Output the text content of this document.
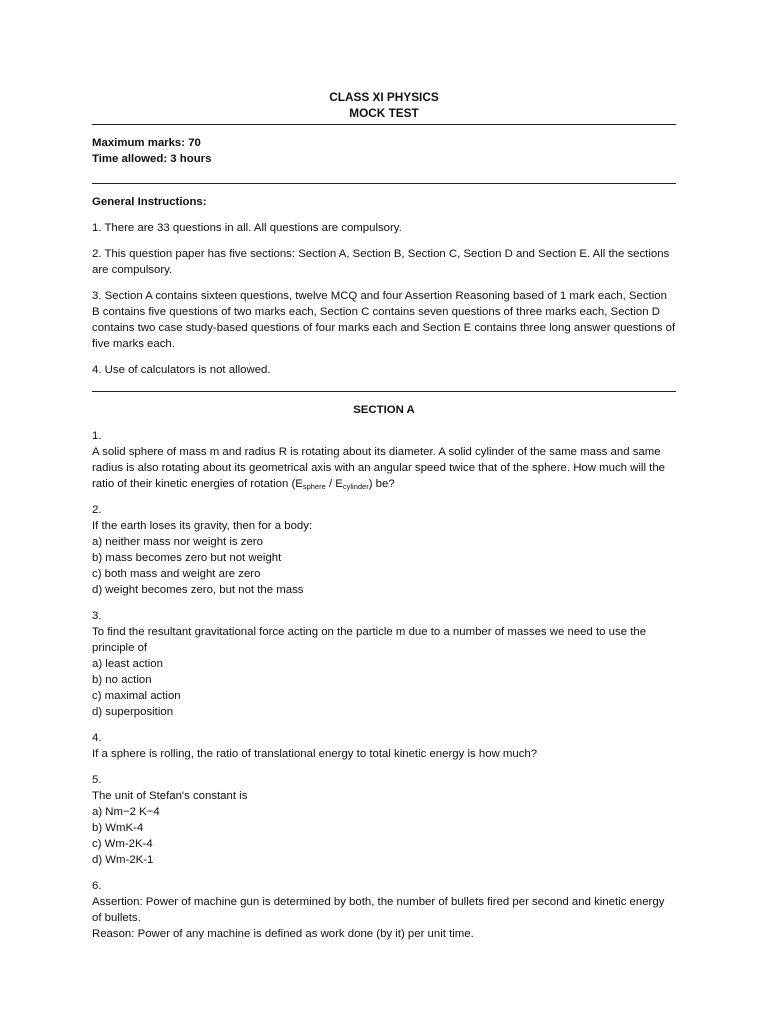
CLASS XI PHYSICS
MOCK TEST

Maximum marks: 70

Time allowed: 3 hours

General Instructions:

1. There are 33 questions in all. All questions are compulsory.

2. This question paper has five sections: Section A, Section B, Section C, Section D and Section E. All the sections are compulsory.

3. Section A contains sixteen questions, twelve MCQ and four Assertion Reasoning based of 1 mark each, Section B contains five questions of two marks each, Section C contains seven questions of three marks each, Section D contains two case study-based questions of four marks each and Section E contains three long answer questions of five marks each.

4. Use of calculators is not allowed.

SECTION A

1.

A solid sphere of mass m and radius R is rotating about its diameter. A solid cylinder of the same mass and same radius is also rotating about its geometrical axis with an angular speed twice that of the sphere. How much will the ratio of their kinetic energies of rotation $(E_{sphere} / E_{cylinder})$ be?

2.

If the earth loses its gravity, then for a body:

a) neither mass nor weight is zero

b) mass becomes zero but not weight

c) both mass and weight are zero

d) weight becomes zero, but not the mass

3.

To find the resultant gravitational force acting on the particle m due to a number of masses we need to use the principle of

a) least action

b) no action

c) maximal action

d) superposition

4.

If a sphere is rolling, the ratio of translational energy to total kinetic energy is how much?

5.

The unit of Stefan's constant is

a) Nm−2 K−4

b) WmK-4

c) Wm-2K-4

d) Wm-2K-1

6.

Assertion: Power of machine gun is determined by both, the number of bullets fired per second and kinetic energy of bullets.

Reason: Power of any machine is defined as work done (by it) per unit time.
